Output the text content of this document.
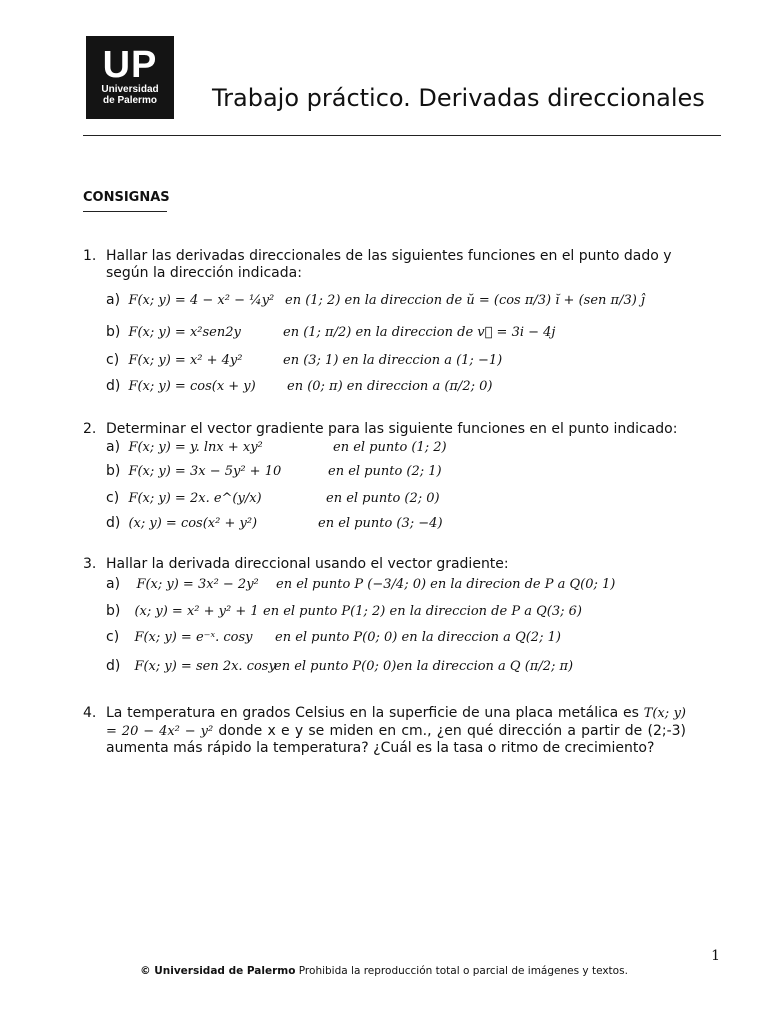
UP
Universidad
de Palermo	Trabajo práctico. Derivadas direccionales
CONSIGNAS
1. Hallar las derivadas direccionales de las siguientes funciones en el punto dado y según la dirección indicada:
a) F(x; y) = 4 − x² − ¼y² en (1; 2) en la direccion de ŭ = (cos π/3) ĭ + (sen π/3) ĵ
b) F(x; y) = x²sen2y	en (1; π/2) en la direccion de v⃗ = 3i − 4j
c) F(x; y) = x² + 4y²	en (3; 1) en la direccion a (1; −1)
d) F(x; y) = cos(x + y) en (0; π) en direccion a (π/2; 0)
2. Determinar el vector gradiente para las siguiente funciones en el punto indicado:
a) F(x; y) = y. lnx + xy²	en el punto (1; 2)
b) F(x; y) = 3x − 5y² + 10	en el punto (2; 1)
c) F(x; y) = 2x. e^(y/x)	en el punto (2; 0)
d) (x; y) = cos(x² + y²)	en el punto (3; −4)
3. Hallar la derivada direccional usando el vector gradiente:
a) F(x; y) = 3x² − 2y² en el punto P (−3/4; 0) en la direcion de P a Q(0; 1)
b) (x; y) = x² + y² + 1 en el punto P(1; 2) en la direccion de P a Q(3; 6)
c) F(x; y) = e⁻ˣ. cosy en el punto P(0; 0) en la direccion a Q(2; 1)
d) F(x; y) = sen 2x. cosy
en el punto P(0; 0)en la direccion a Q (π/2; π)
4. La temperatura en grados Celsius en la superficie de una placa metálica es T(x; y) = 20 − 4x² − y² donde x e y se miden en cm., ¿en qué dirección a partir de (2;-3) aumenta más rápido la temperatura? ¿Cuál es la tasa o ritmo de crecimiento?
1
© Universidad de Palermo Prohibida la reproducción total o parcial de imágenes y textos.
